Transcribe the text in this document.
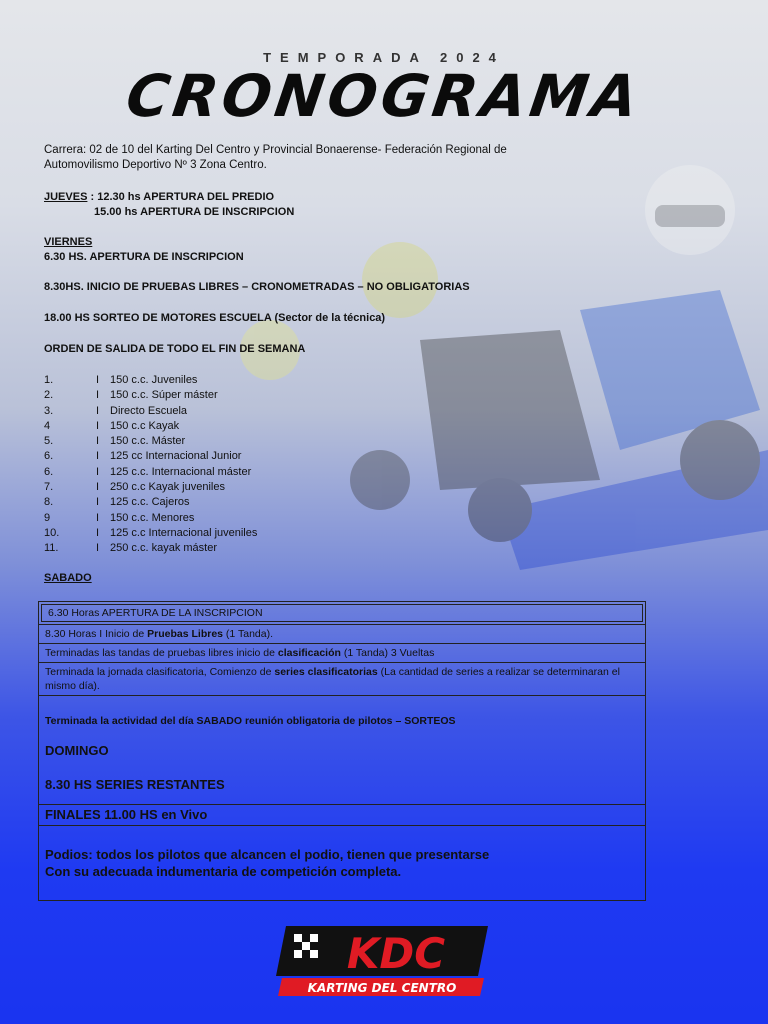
TEMPORADA 2024
CRONOGRAMA
Carrera: 02 de 10 del Karting Del Centro y Provincial Bonaerense- Federación Regional de Automovilismo Deportivo Nº 3 Zona Centro.
JUEVES : 12.30 hs APERTURA DEL PREDIO
15.00 hs APERTURA DE INSCRIPCION
VIERNES
6.30 HS. APERTURA DE INSCRIPCION
8.30HS. INICIO DE PRUEBAS LIBRES – CRONOMETRADAS – NO OBLIGATORIAS
18.00 HS SORTEO DE MOTORES ESCUELA (Sector de la técnica)
ORDEN DE SALIDA DE TODO EL FIN DE SEMANA
1.	I 150 c.c. Juveniles
2.	I 150 c.c. Súper máster
3.	I Directo Escuela
4	I 150 c.c Kayak
5.	I 150 c.c. Máster
6.	I 125 cc Internacional Junior
6.	I 125 c.c. Internacional máster
7.	I 250 c.c Kayak juveniles
8.	I 125 c.c. Cajeros
9	I 150 c.c. Menores
10.	I 125 c.c Internacional juveniles
11.	I 250 c.c. kayak máster
SABADO
6.30 Horas APERTURA DE LA INSCRIPCION
8.30 Horas I Inicio de Pruebas Libres (1 Tanda).
Terminadas las tandas de pruebas libres inicio de clasificación (1 Tanda) 3 Vueltas
Terminada la jornada clasificatoria, Comienzo de series clasificatorias (La cantidad de series a realizar se determinaran el mismo día).
Terminada la actividad del día SABADO reunión obligatoria de pilotos – SORTEOS
DOMINGO
8.30 HS SERIES RESTANTES
FINALES 11.00 HS en Vivo
Podios: todos los pilotos que alcancen el podio, tienen que presentarse
Con su adecuada indumentaria de competición completa.
KDC
KARTING DEL CENTRO
